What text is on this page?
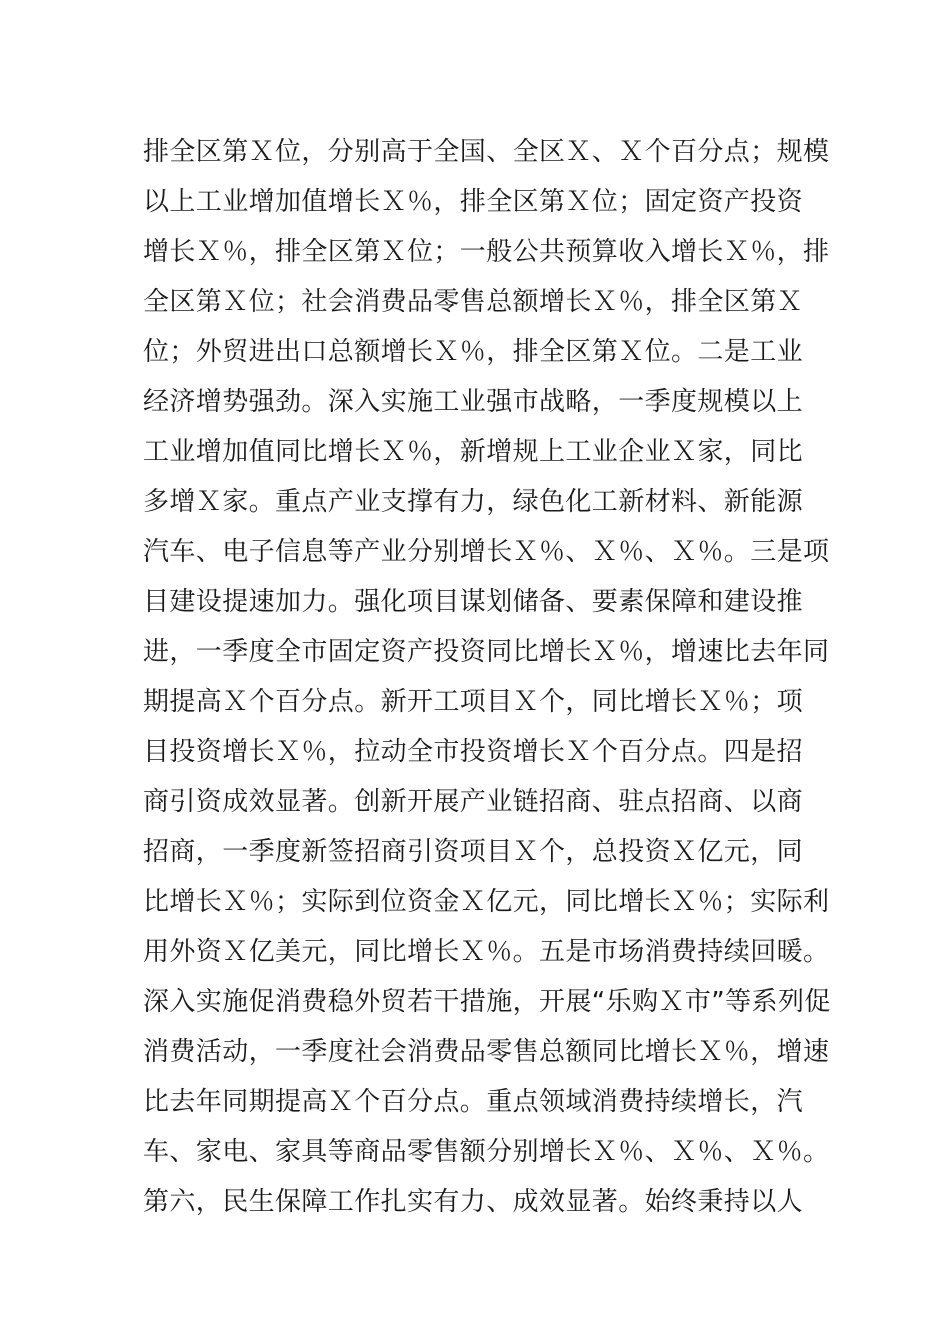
排全区第Ｘ位，分别高于全国、全区Ｘ、Ｘ个百分点；规模
以上工业增加值增长Ｘ％，排全区第Ｘ位；固定资产投资
增长Ｘ％，排全区第Ｘ位；一般公共预算收入增长Ｘ％，排
全区第Ｘ位；社会消费品零售总额增长Ｘ％，排全区第Ｘ
位；外贸进出口总额增长Ｘ％，排全区第Ｘ位。二是工业
经济增势强劲。深入实施工业强市战略，一季度规模以上
工业增加值同比增长Ｘ％，新增规上工业企业Ｘ家，同比
多增Ｘ家。重点产业支撑有力，绿色化工新材料、新能源
汽车、电子信息等产业分别增长Ｘ％、Ｘ％、Ｘ％。三是项
目建设提速加力。强化项目谋划储备、要素保障和建设推
进，一季度全市固定资产投资同比增长Ｘ％，增速比去年同
期提高Ｘ个百分点。新开工项目Ｘ个，同比增长Ｘ％；项
目投资增长Ｘ％，拉动全市投资增长Ｘ个百分点。四是招
商引资成效显著。创新开展产业链招商、驻点招商、以商
招商，一季度新签招商引资项目Ｘ个，总投资Ｘ亿元，同
比增长Ｘ％；实际到位资金Ｘ亿元，同比增长Ｘ％；实际利
用外资Ｘ亿美元，同比增长Ｘ％。五是市场消费持续回暖。
深入实施促消费稳外贸若干措施，开展“乐购Ｘ市”等系列促
消费活动，一季度社会消费品零售总额同比增长Ｘ％，增速
比去年同期提高Ｘ个百分点。重点领域消费持续增长，汽
车、家电、家具等商品零售额分别增长Ｘ％、Ｘ％、Ｘ％。
第六，民生保障工作扎实有力、成效显著。始终秉持以人
